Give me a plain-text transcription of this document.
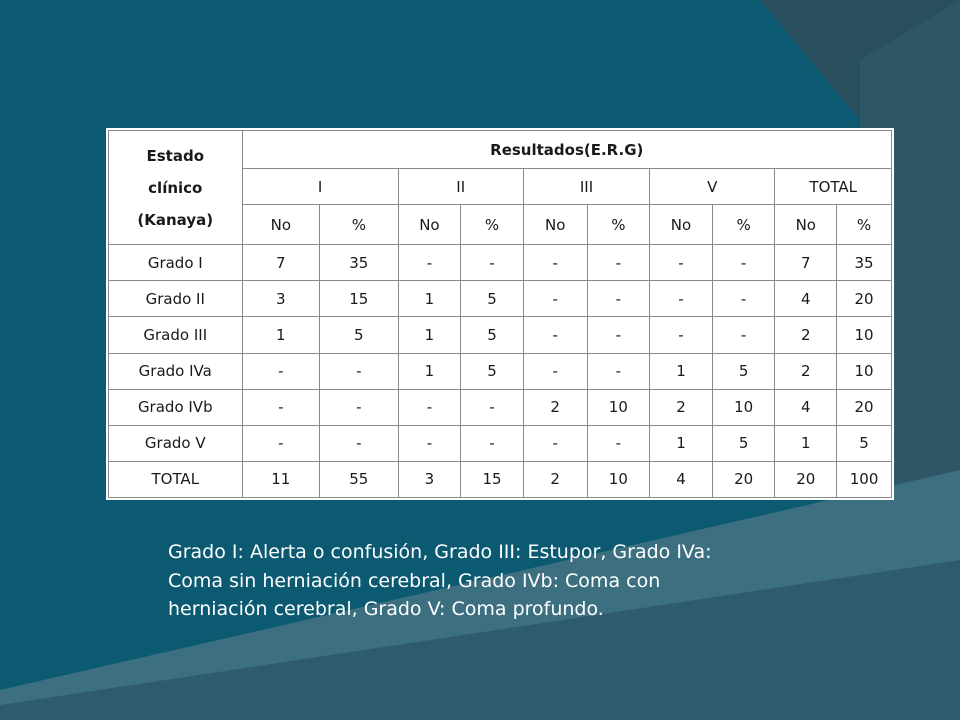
Estado
clínico
(Kanaya)	Resultados(E.R.G)									
	I		II		III		V		TOTAL	
	No	%	No	%	No	%	No	%	No	%
Grado I	7	35	-	-	-	-	-	-	7	35
Grado II	3	15	1	5	-	-	-	-	4	20
Grado III	1	5	1	5	-	-	-	-	2	10
Grado IVa	-	-	1	5	-	-	1	5	2	10
Grado IVb	-	-	-	-	2	10	2	10	4	20
Grado V	-	-	-	-	-	-	1	5	1	5
TOTAL	11	55	3	15	2	10	4	20	20	100
Grado I: Alerta o confusión, Grado III: Estupor, Grado IVa: Coma sin herniación cerebral, Grado IVb: Coma con herniación cerebral, Grado V: Coma profundo.
